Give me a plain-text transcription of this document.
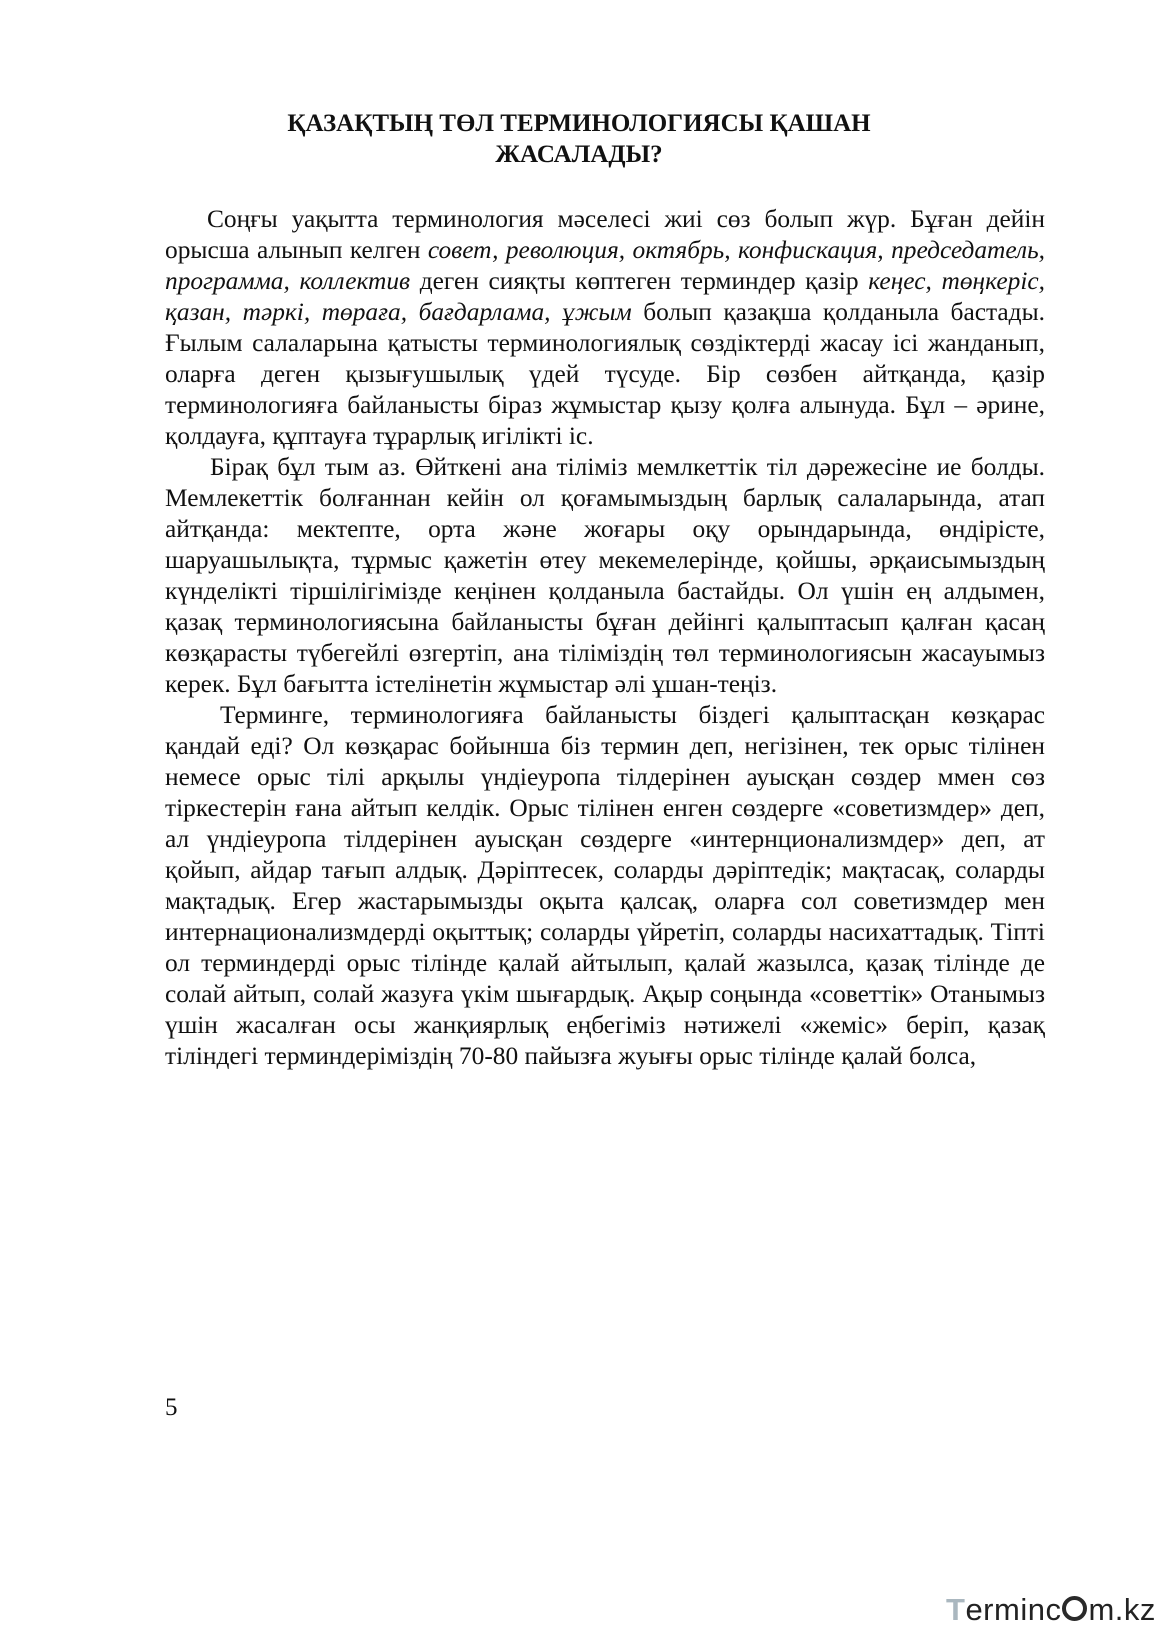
ҚАЗАҚТЫҢ ТӨЛ ТЕРМИНОЛОГИЯСЫ ҚАШАН
ЖАСАЛАДЫ?

Соңғы уақытта терминология мәселесі жиі сөз болып жүр. Бұған дейін орысша алынып келген совет, революция, октябрь, конфискация, председатель, программа, коллектив деген сияқты көптеген терминдер қазір кеңес, төңкеріс, қазан, тәркі, төраға, бағдарлама, ұжым болып қазақша қолданыла бастады. Ғылым салаларына қатысты терминологиялық сөздіктерді жасау ісі жанданып, оларға деген қызығушылық үдей түсуде. Бір сөзбен айтқанда, қазір терминологияға байланысты біраз жұмыстар қызу қолға алынуда. Бұл – әрине, қолдауға, құптауға тұрарлық игілікті іс.

Бірақ бұл тым аз. Өйткені ана тіліміз мемлкеттік тіл дәрежесіне ие болды. Мемлекеттік болғаннан кейін ол қоғамымыздың барлық салаларында, атап айтқанда: мектепте, орта және жоғары оқу орындарында, өндірісте, шаруашылықта, тұрмыс қажетін өтеу мекемелерінде, қойшы, әрқаисымыздың күнделікті тіршілігімізде кеңінен қолданыла бастайды. Ол үшін ең алдымен, қазақ терминологиясына байланысты бұған дейінгі қалыптасып қалған қасаң көзқарасты түбегейлі өзгертіп, ана тіліміздің төл терминологиясын жасауымыз керек. Бұл бағытта істелінетін жұмыстар әлі ұшан-теңіз.

Терминге, терминологияға байланысты біздегі қалыптасқан көзқарас қандай еді? Ол көзқарас бойынша біз термин деп, негізінен, тек орыс тілінен немесе орыс тілі арқылы үндіеуропа тілдерінен ауысқан сөздер ммен сөз тіркестерін ғана айтып келдік. Орыс тілінен енген сөздерге «советизмдер» деп, ал үндіеуропа тілдерінен ауысқан сөздерге «интернционализмдер» деп, ат қойып, айдар тағып алдық. Дәріптесек, соларды дәріптедік; мақтасақ, соларды мақтадық. Егер жастарымызды оқыта қалсақ, оларға сол советизмдер мен интернационализмдерді оқыттық; соларды үйретіп, соларды насихаттадық. Тіпті ол терминдерді орыс тілінде қалай айтылып, қалай жазылса, қазақ тілінде де солай айтып, солай жазуға үкім шығардық. Ақыр соңында «советтік» Отанымыз үшін жасалған осы жанқиярлық еңбегіміз нәтижелі «жеміс» беріп, қазақ тіліндегі терминдеріміздің 70-80 пайызға жуығы орыс тілінде қалай болса,

5
Terminc m.kz
